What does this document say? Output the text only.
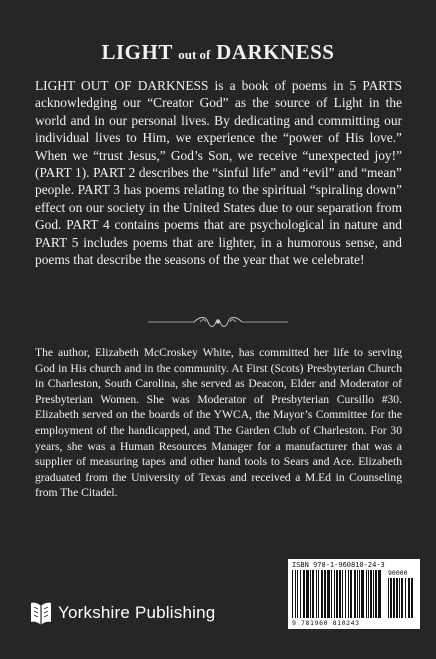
LIGHT out of DARKNESS

LIGHT OUT OF DARKNESS is a book of poems in 5 PARTS acknowledging our “Creator God” as the source of Light in the world and in our personal lives. By dedicating and committing our individual lives to Him, we experience the “power of His love.” When we “trust Jesus,” God’s Son, we receive “unexpected joy!” (PART 1). PART 2 describes the “sinful life” and “evil” and “mean” people. PART 3 has poems relating to the spiritual “spiraling down” effect on our society in the United States due to our separation from God. PART 4 contains poems that are psychological in nature and PART 5 includes poems that are lighter, in a humorous sense, and poems that describe the seasons of the year that we celebrate!

The author, Elizabeth McCroskey White, has committed her life to serving God in His church and in the community. At First (Scots) Presbyterian Church in Charleston, South Carolina, she served as Deacon, Elder and Moderator of Presbyterian Women. She was Moderator of Presbyterian Cursillo #30. Elizabeth served on the boards of the YWCA, the Mayor’s Committee for the employment of the handicapped, and The Garden Club of Charleston. For 30 years, she was a Human Resources Manager for a manufacturer that was a supplier of measuring tapes and other hand tools to Sears and Ace. Elizabeth graduated from the University of Texas and received a M.Ed in Counseling from The Citadel.

ISBN 978-1-960810-24-3
90000
9 781960 810243
Yorkshire Publishing
